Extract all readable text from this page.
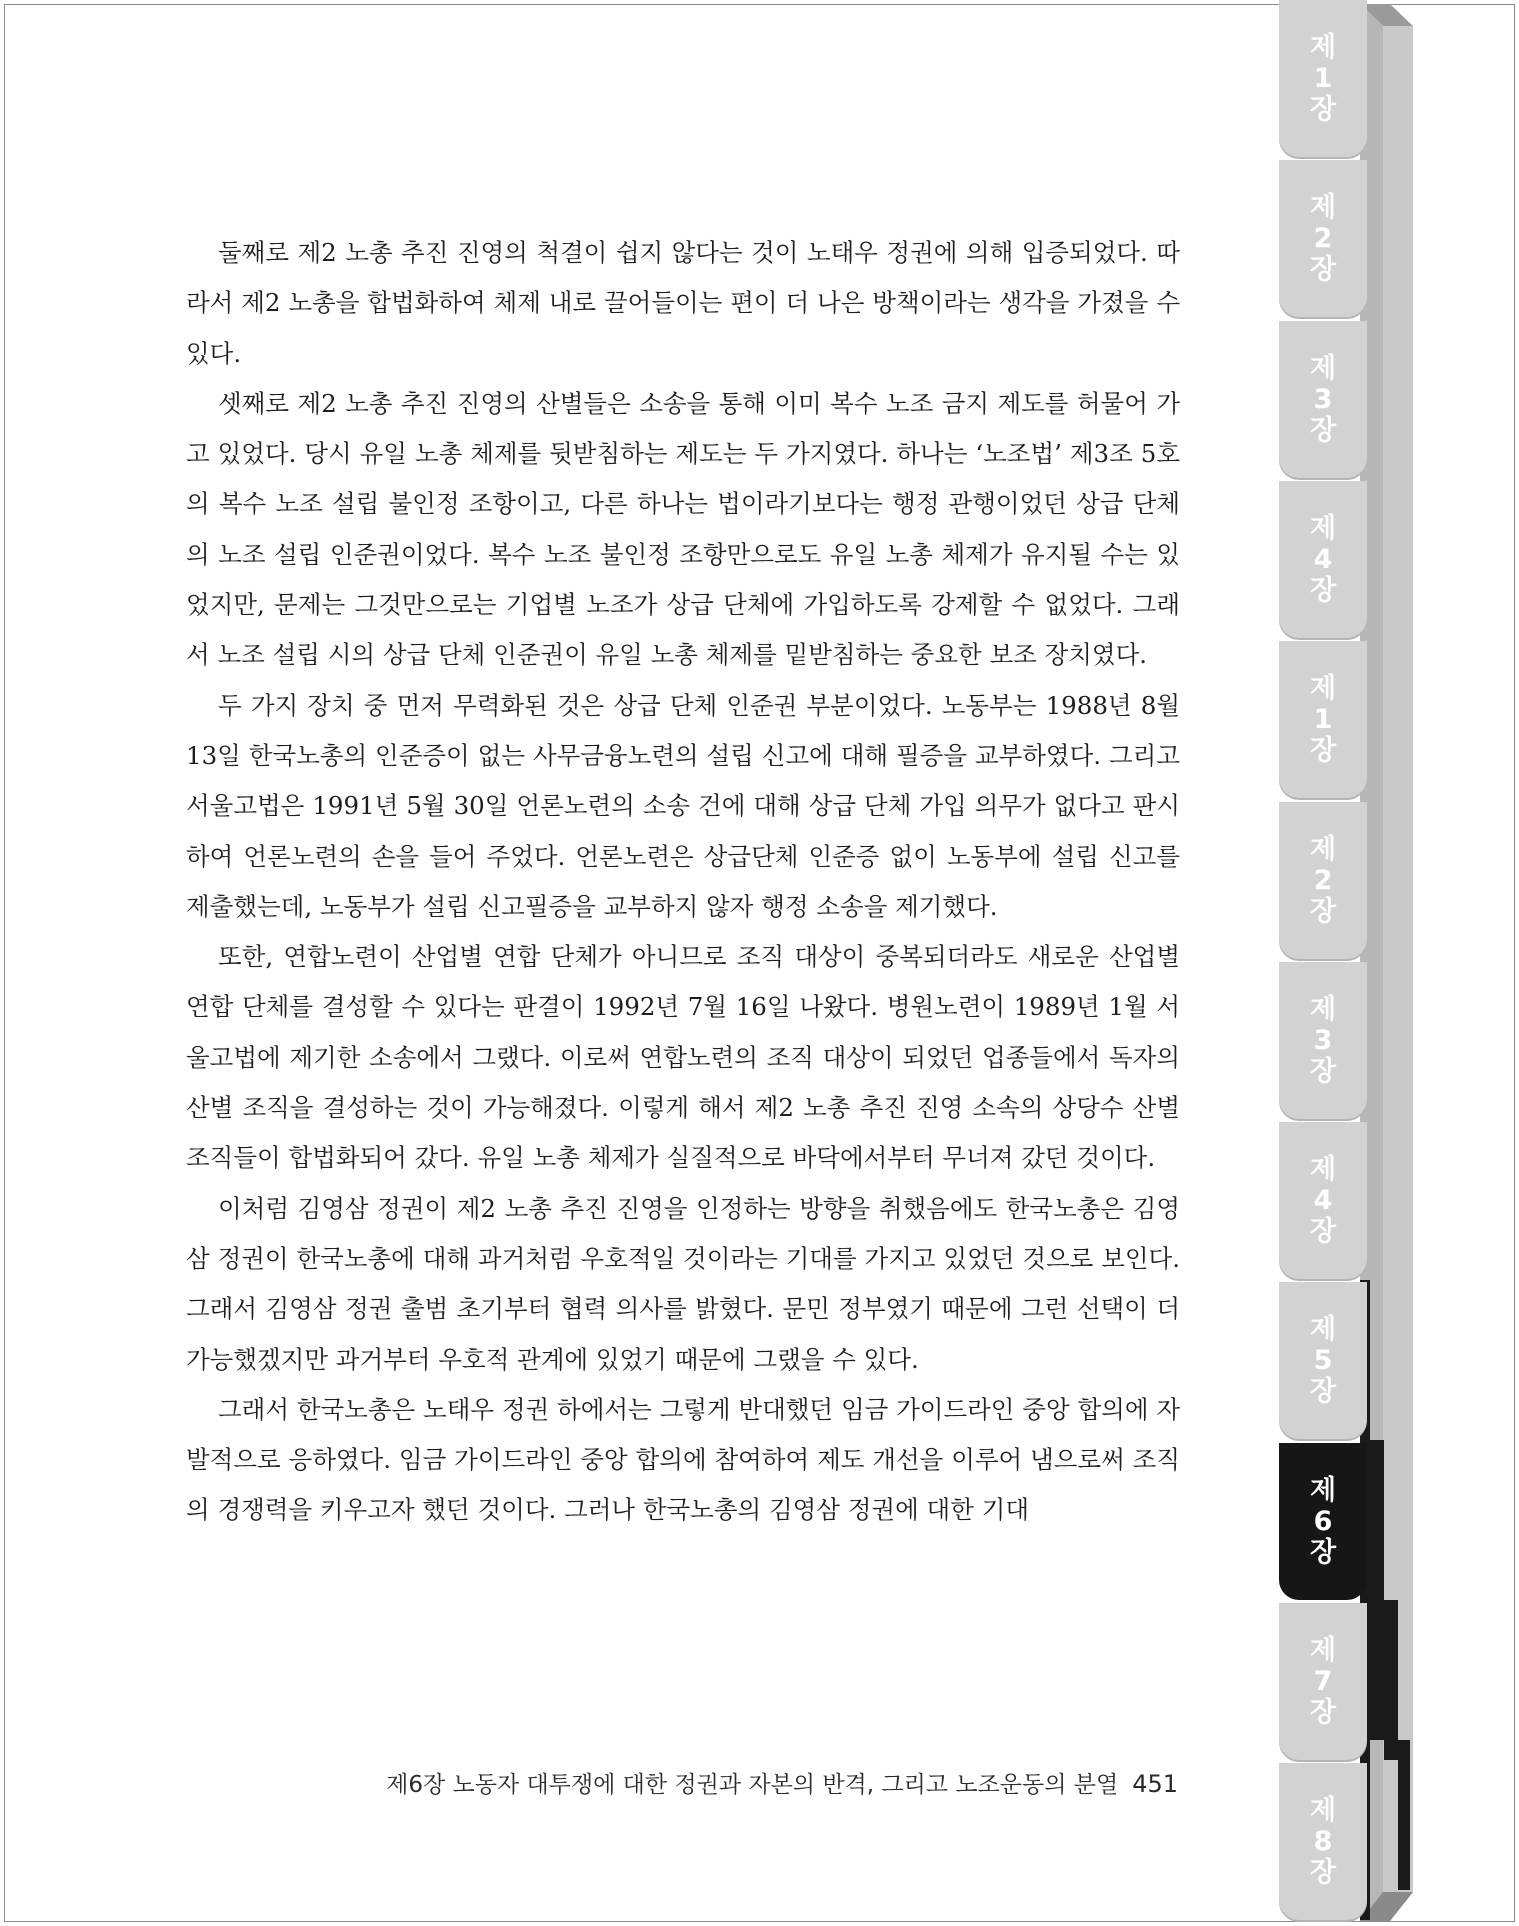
제
1
장
제
2
장
제
3
장
제
4
장
제
1
장
제
2
장
제
3
장
제
4
장
제
5
장
제
6
장
제
7
장
제
8
장

둘째로 제2 노총 추진 진영의 척결이 쉽지 않다는 것이 노태우 정권에 의해 입증되었다. 따라서 제2 노총을 합법화하여 체제 내로 끌어들이는 편이 더 나은 방책이라는 생각을 가졌을 수 있다.

셋째로 제2 노총 추진 진영의 산별들은 소송을 통해 이미 복수 노조 금지 제도를 허물어 가고 있었다. 당시 유일 노총 체제를 뒷받침하는 제도는 두 가지였다. 하나는 ‘노조법’ 제3조 5호의 복수 노조 설립 불인정 조항이고, 다른 하나는 법이라기보다는 행정 관행이었던 상급 단체의 노조 설립 인준권이었다. 복수 노조 불인정 조항만으로도 유일 노총 체제가 유지될 수는 있었지만, 문제는 그것만으로는 기업별 노조가 상급 단체에 가입하도록 강제할 수 없었다. 그래서 노조 설립 시의 상급 단체 인준권이 유일 노총 체제를 밑받침하는 중요한 보조 장치였다.

두 가지 장치 중 먼저 무력화된 것은 상급 단체 인준권 부분이었다. 노동부는 1988년 8월 13일 한국노총의 인준증이 없는 사무금융노련의 설립 신고에 대해 필증을 교부하였다. 그리고 서울고법은 1991년 5월 30일 언론노련의 소송 건에 대해 상급 단체 가입 의무가 없다고 판시하여 언론노련의 손을 들어 주었다. 언론노련은 상급단체 인준증 없이 노동부에 설립 신고를 제출했는데, 노동부가 설립 신고필증을 교부하지 않자 행정 소송을 제기했다.

또한, 연합노련이 산업별 연합 단체가 아니므로 조직 대상이 중복되더라도 새로운 산업별 연합 단체를 결성할 수 있다는 판결이 1992년 7월 16일 나왔다. 병원노련이 1989년 1월 서울고법에 제기한 소송에서 그랬다. 이로써 연합노련의 조직 대상이 되었던 업종들에서 독자의 산별 조직을 결성하는 것이 가능해졌다. 이렇게 해서 제2 노총 추진 진영 소속의 상당수 산별 조직들이 합법화되어 갔다. 유일 노총 체제가 실질적으로 바닥에서부터 무너져 갔던 것이다.

이처럼 김영삼 정권이 제2 노총 추진 진영을 인정하는 방향을 취했음에도 한국노총은 김영삼 정권이 한국노총에 대해 과거처럼 우호적일 것이라는 기대를 가지고 있었던 것으로 보인다. 그래서 김영삼 정권 출범 초기부터 협력 의사를 밝혔다. 문민 정부였기 때문에 그런 선택이 더 가능했겠지만 과거부터 우호적 관계에 있었기 때문에 그랬을 수 있다.

그래서 한국노총은 노태우 정권 하에서는 그렇게 반대했던 임금 가이드라인 중앙 합의에 자발적으로 응하였다. 임금 가이드라인 중앙 합의에 참여하여 제도 개선을 이루어 냄으로써 조직의 경쟁력을 키우고자 했던 것이다. 그러나 한국노총의 김영삼 정권에 대한 기대

제6장 노동자 대투쟁에 대한 정권과 자본의 반격, 그리고 노조운동의 분열 451
